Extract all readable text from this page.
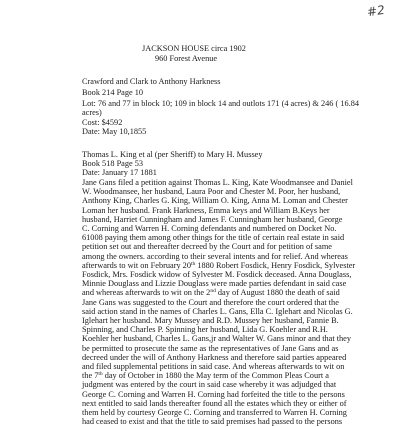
#2
JACKSON HOUSE circa 1902
960 Forest Avenue
Crawford and Clark to Anthony Harkness
Book 214 Page 10
Lot: 76 and 77 in block 10; 109 in block 14 and outlots 171 (4 acres) & 246 ( 16.84
acres)
Cost: $4592
Date: May 10,1855
Thomas L. King et al (per Sheriff) to Mary H. Mussey
Book 518 Page 53
Date: January 17 1881
Jane Gans filed a petition against Thomas L. King, Kate Woodmansee and Daniel
W. Woodmansee, her husband, Laura Poor and Chester M. Poor, her husband,
Anthony King, Charles G. King, William O. King, Anna M. Loman and Chester
Loman her husband. Frank Harkness, Emma keys and William B.Keys her
husband, Harriet Cunningham and James F. Cunningham her husband, George
C. Corning and Warren H. Corning defendants and numbered on Docket No.
61008 paying them among other things for the title of certain real estate in said
petition set out and thereafter decreed by the Court and for petition of same
among the owners. according to their several intents and for relief. And whereas
afterwards to wit on February 20th 1880 Robert Fosdick, Henry Fosdick, Sylvester
Fosdick, Mrs. Fosdick widow of Sylvester M. Fosdick deceased. Anna Douglass,
Minnie Douglass and Lizzie Douglass were made parties defendant in said case
and whereas afterwards to wit on the 2nd day of August 1880 the death of said
Jane Gans was suggested to the Court and therefore the court ordered that the
said action stand in the names of Charles L. Gans, Ella C. Iglehart and Nicolas G.
Iglehart her husband. Mary Mussey and R.D. Mussey her husband, Fannie B.
Spinning, and Charles P. Spinning her husband, Lida G. Koehler and R.H.
Koehler her husband, Charles L. Gans,jr and Walter W. Gans minor and that they
be permitted to prosecute the same as the representatives of Jane Gans and as
decreed under the will of Anthony Harkness and therefore said parties appeared
and filed supplemental petitions in said case. And whereas afterwards to wit on
the 7th day of October in 1880 the May term of the Common Pleas Court a
judgment was entered by the court in said case whereby it was adjudged that
George C. Corning and Warren H. Corning had forfeited the title to the persons
next entitled to said lands thereafter found all the estates which they or either of
them held by courtesy George C. Corning and transferred to Warren H. Corning
had ceased to exist and that the title to said premises had passed to the persons
